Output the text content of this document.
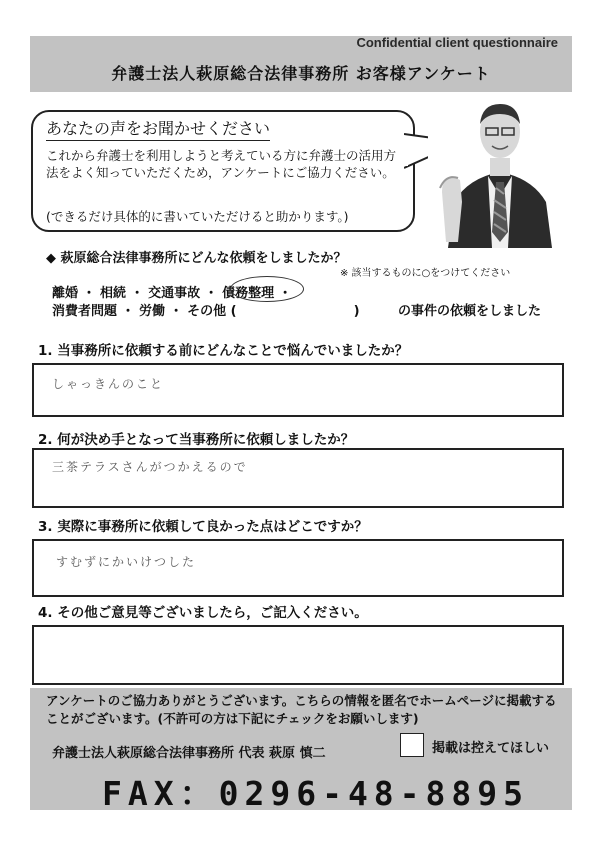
Confidential client questionnaire
弁護士法人萩原総合法律事務所 お客様アンケート
あなたの声をお聞かせください
これから弁護士を利用しようと考えている方に弁護士の活用方法をよく知っていただくため，アンケートにご協力ください。
(できるだけ具体的に書いていただけると助かります。)
◆ 萩原総合法律事務所にどんな依頼をしましたか？
※ 該当するものに○をつけてください
離婚 ・ 相続 ・ 交通事故 ・ 債務整理 ・
消費者問題 ・ 労働 ・ その他 (　　　　　　　　　)	の事件の依頼をしました
1. 当事務所に依頼する前にどんなことで悩んでいましたか？
しゃっきんのこと
2. 何が決め手となって当事務所に依頼しましたか？
三茶テラスさんがつかえるので
3. 実際に事務所に依頼して良かった点はどこですか？
すむずにかいけつした
4. その他ご意見等ございましたら，ご記入ください。
アンケートのご協力ありがとうございます。こちらの情報を匿名でホームページに掲載することがございます。(不許可の方は下記にチェックをお願いします)
弁護士法人萩原総合法律事務所 代表 萩原 慎二	掲載は控えてほしい
FAX：0296-48-8895
